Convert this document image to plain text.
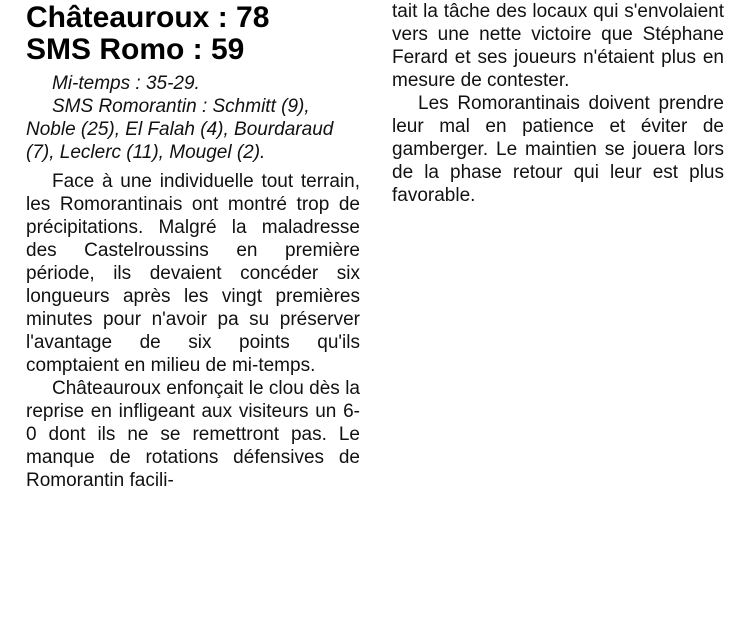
Châteauroux : 78
SMS Romo : 59

Mi-temps : 35-29.

SMS Romorantin : Schmitt (9), Noble (25), El Falah (4), Bourdaraud (7), Leclerc (11), Mougel (2).

Face à une individuelle tout terrain, les Romorantinais ont montré trop de précipitations. Malgré la maladresse des Castelroussins en première période, ils devaient concéder six longueurs après les vingt premières minutes pour n'avoir pa su préserver l'avantage de six points qu'ils comptaient en milieu de mi-temps.

Châteauroux enfonçait le clou dès la reprise en infligeant aux visiteurs un 6-0 dont ils ne se remettront pas. Le manque de rotations défensives de Romorantin facili-

tait la tâche des locaux qui s'envolaient vers une nette victoire que Stéphane Ferard et ses joueurs n'étaient plus en mesure de contester.

Les Romorantinais doivent prendre leur mal en patience et éviter de gamberger. Le maintien se jouera lors de la phase retour qui leur est plus favorable.
